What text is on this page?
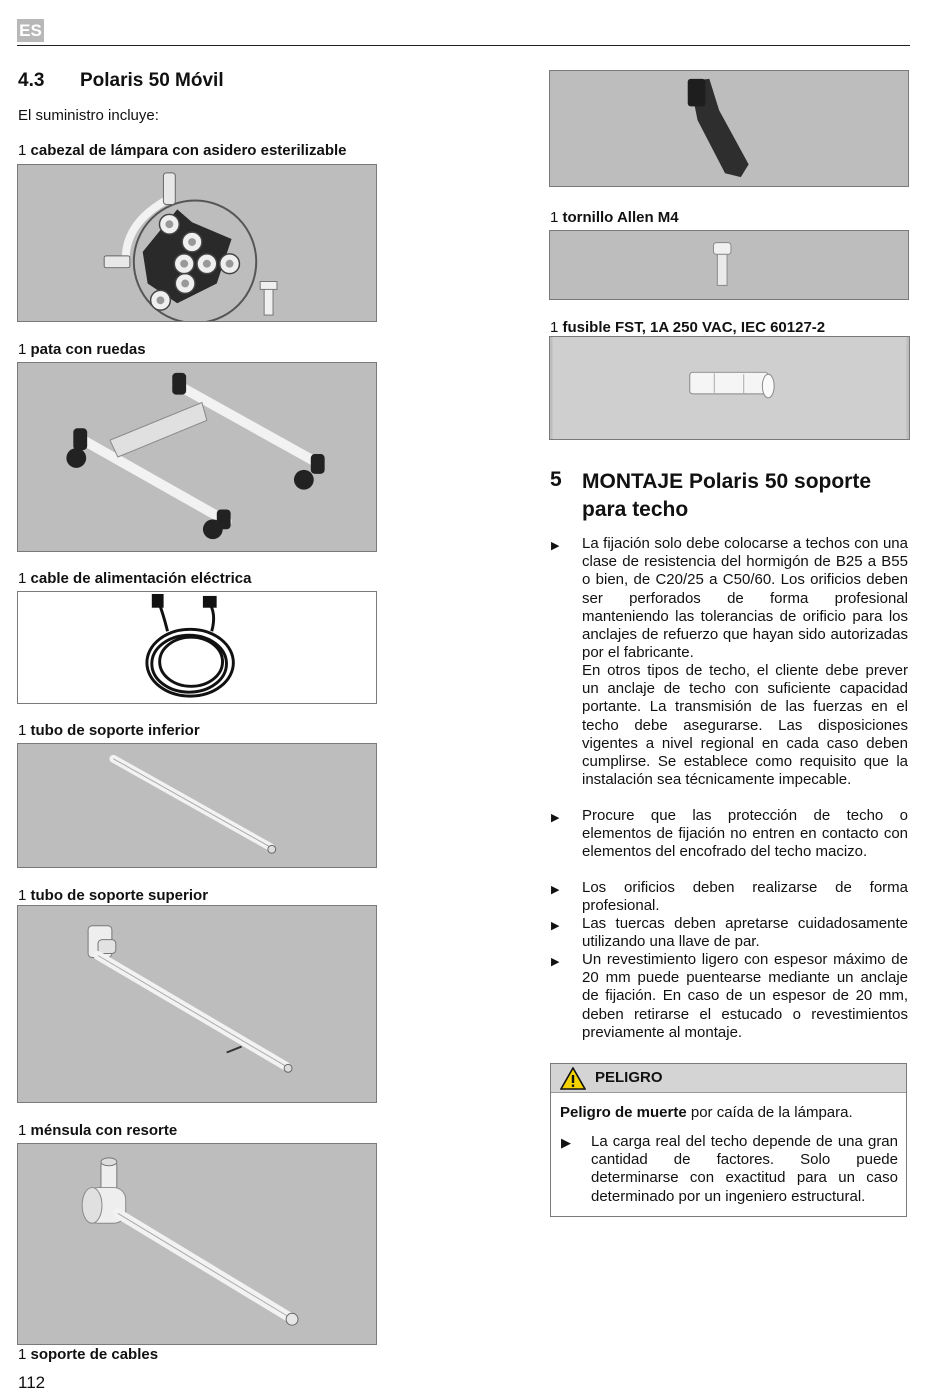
ES
4.3 Polaris 50 Móvil
El suministro incluye:
1 cabezal de lámpara con asidero esterilizable
1 pata con ruedas
1 cable de alimentación eléctrica
1 tubo de soporte inferior
1 tubo de soporte superior
1 ménsula con resorte
1 soporte de cables
1 tornillo Allen M4
1 fusible FST, 1A 250 VAC, IEC 60127-2
5 MONTAJE Polaris 50 soporte para techo
▶ La fijación solo debe colocarse a techos con una clase de resistencia del hormigón de B25 a B55 o bien, de C20/25 a C50/60. Los orificios deben ser perforados de forma profesional manteniendo las tolerancias de orificio para los anclajes de refuerzo que hayan sido autorizadas por el fabricante.
En otros tipos de techo, el cliente debe prever un anclaje de techo con suficiente capacidad portante. La transmisión de las fuerzas en el techo debe asegurarse. Las disposiciones vigentes a nivel regional en cada caso deben cumplirse. Se establece como requisito que la instalación sea técnicamente impecable.
▶ Procure que las protección de techo o elementos de fijación no entren en contacto con elementos del encofrado del techo macizo.
▶ Los orificios deben realizarse de forma profesional.
▶ Las tuercas deben apretarse cuidadosamente utilizando una llave de par.
▶ Un revestimiento ligero con espesor máximo de 20 mm puede puentearse mediante un anclaje de fijación. En caso de un espesor de 20 mm, deben retirarse el estucado o revestimientos previamente al montaje.
PELIGRO
Peligro de muerte por caída de la lámpara.
▶ La carga real del techo depende de una gran cantidad de factores. Solo puede determinarse con exactitud para un caso determinado por un ingeniero estructural.
112
